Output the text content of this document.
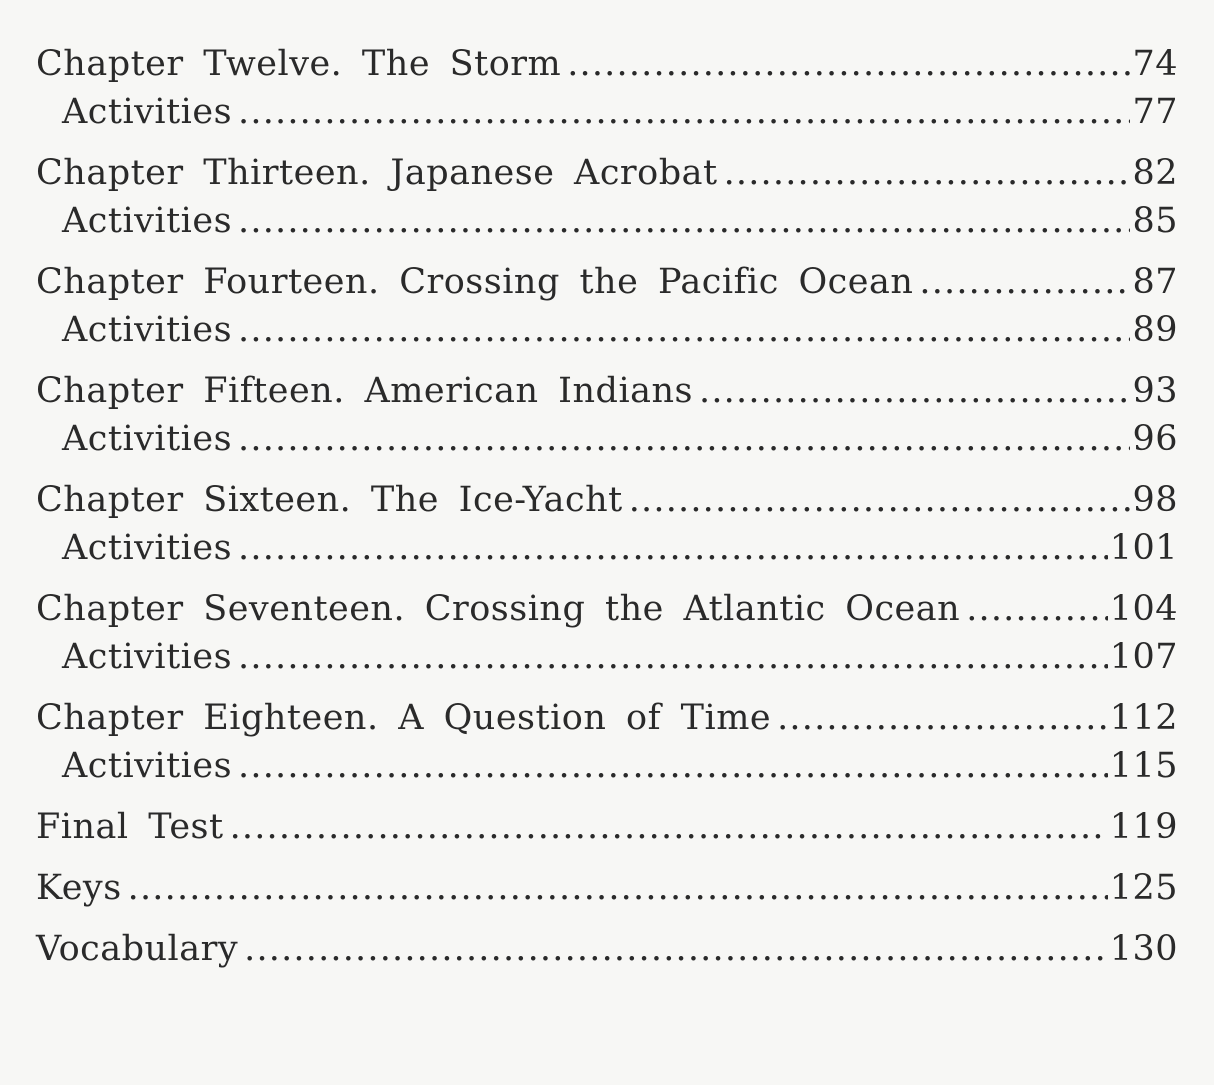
Chapter Twelve. The Storm .....	74
Activities .....	77
Chapter Thirteen. Japanese Acrobat .....	82
Activities .....	85
Chapter Fourteen. Crossing the Pacific Ocean .....	87
Activities .....	89
Chapter Fifteen. American Indians .....	93
Activities .....	96
Chapter Sixteen. The Ice-Yacht .....	98
Activities .....	101
Chapter Seventeen. Crossing the Atlantic Ocean .....	104
Activities .....	107
Chapter Eighteen. A Question of Time .....	112
Activities .....	115
Final Test .....	119
Keys .....	125
Vocabulary .....	130
